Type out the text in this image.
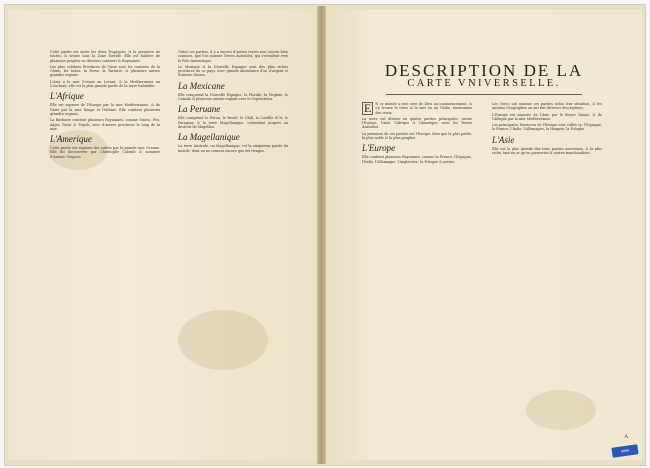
Cette partie est entre les deux Tropiques, & la premiere de toutes, & situee sous la Zone Torride. Elle est habitee de plusieurs peuples en diverses contrees & Royaumes.

Les plus celebres Provinces de l'Asie sont les contrees de la Chine, les Indes, la Perse, la Tartarie, & plusieurs autres grandes regions.

L'Asie a la mer Oceane au Levant, & la Mediterranee au Couchant; elle est la plus grande partie de la terre habitable.

L'Afrique

Elle est separee de l'Europe par la mer Mediterranee, & de l'Asie par la mer Rouge et l'Isthme. Elle contient plusieurs grandes regions.

La Barbarie contient plusieurs Royaumes, comme Maroc, Fez, Alger, Tunis & Tripoli, avec d'autres provinces le long de la mer.

L'Amerique

Cette partie est separee des autres par la grande mer Oceane. Elle fut decouverte par Christophe Colomb & nommee d'Americ Vespuce.

Outre ces parties, il y a encore d'autres terres non encore bien connues, que l'on nomme Terres Australes, qui s'etendent vers le Pole Antarctique.

Le Mexique & la Nouvelle Espagne sont des plus riches provinces de ce pays, avec grande abondance d'or, d'argent & d'autres choses.

La Mexicane

Elle comprend la Nouvelle Espagne, la Floride, la Virginie, le Canada & plusieurs autres regions vers le Septentrion.

La Peruane

Elle comprend le Perou, le Bresil, le Chili, la Castille d'Or, le Paraguay & la terre Magellanique, s'etendant jusques au destroit de Magellan.

La Magellanique

La terre Australe, ou Magellanique, est la cinquieme partie du monde, dont on ne connoit encore que les rivages.

DESCRIPTION DE LA
CARTE VNIVERSELLE.

E	N ce monde a este cree de Dieu au commencement, & s'y trouve la terre & la mer en un Globe, environnee des cieux.

La terre est divisee en quatre parties principales, savoir l'Europe, l'Asie, l'Afrique & l'Amerique, avec les Terres Australes.

La premiere de ces parties est l'Europe, bien que la plus petite, la plus noble & la plus peuplee.

L'Europe

Elle contient plusieurs Royaumes, comme la France, l'Espagne, l'Italie, l'Allemagne, l'Angleterre, la Pologne & autres.

Les Grecs ont nomme ces parties selon leur situation, & les anciens Geographes en ont fait diverses descriptions.

L'Europe est separee de l'Asie par le fleuve Tanais, & de l'Afrique par la mer Mediterranee.

Les principales Provinces de l'Europe sont celles cy: l'Espagne, la France, l'Italie, l'Allemagne, la Hongrie, la Pologne.

L'Asie

Elle est la plus grande des trois parties anciennes, & la plus riche, tant en or qu'en pierreries & autres marchandises.

A
9899
